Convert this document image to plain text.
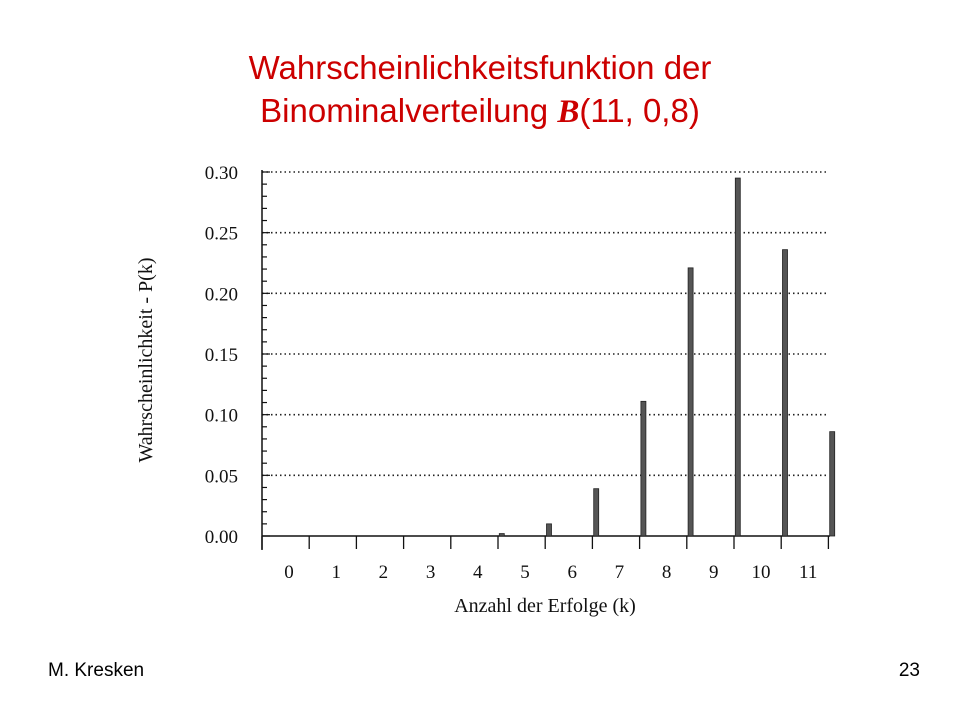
Wahrscheinlichkeitsfunktion der
Binominalverteilung B(11, 0,8)
0.00
0.05
0.10
0.15
0.20
0.25
0.30
0 1 2 3 4 5 6 7 8 9 10 11
Anzahl der Erfolge (k)
Wahrscheinlichkeit - P(k)
M. Kresken	23
